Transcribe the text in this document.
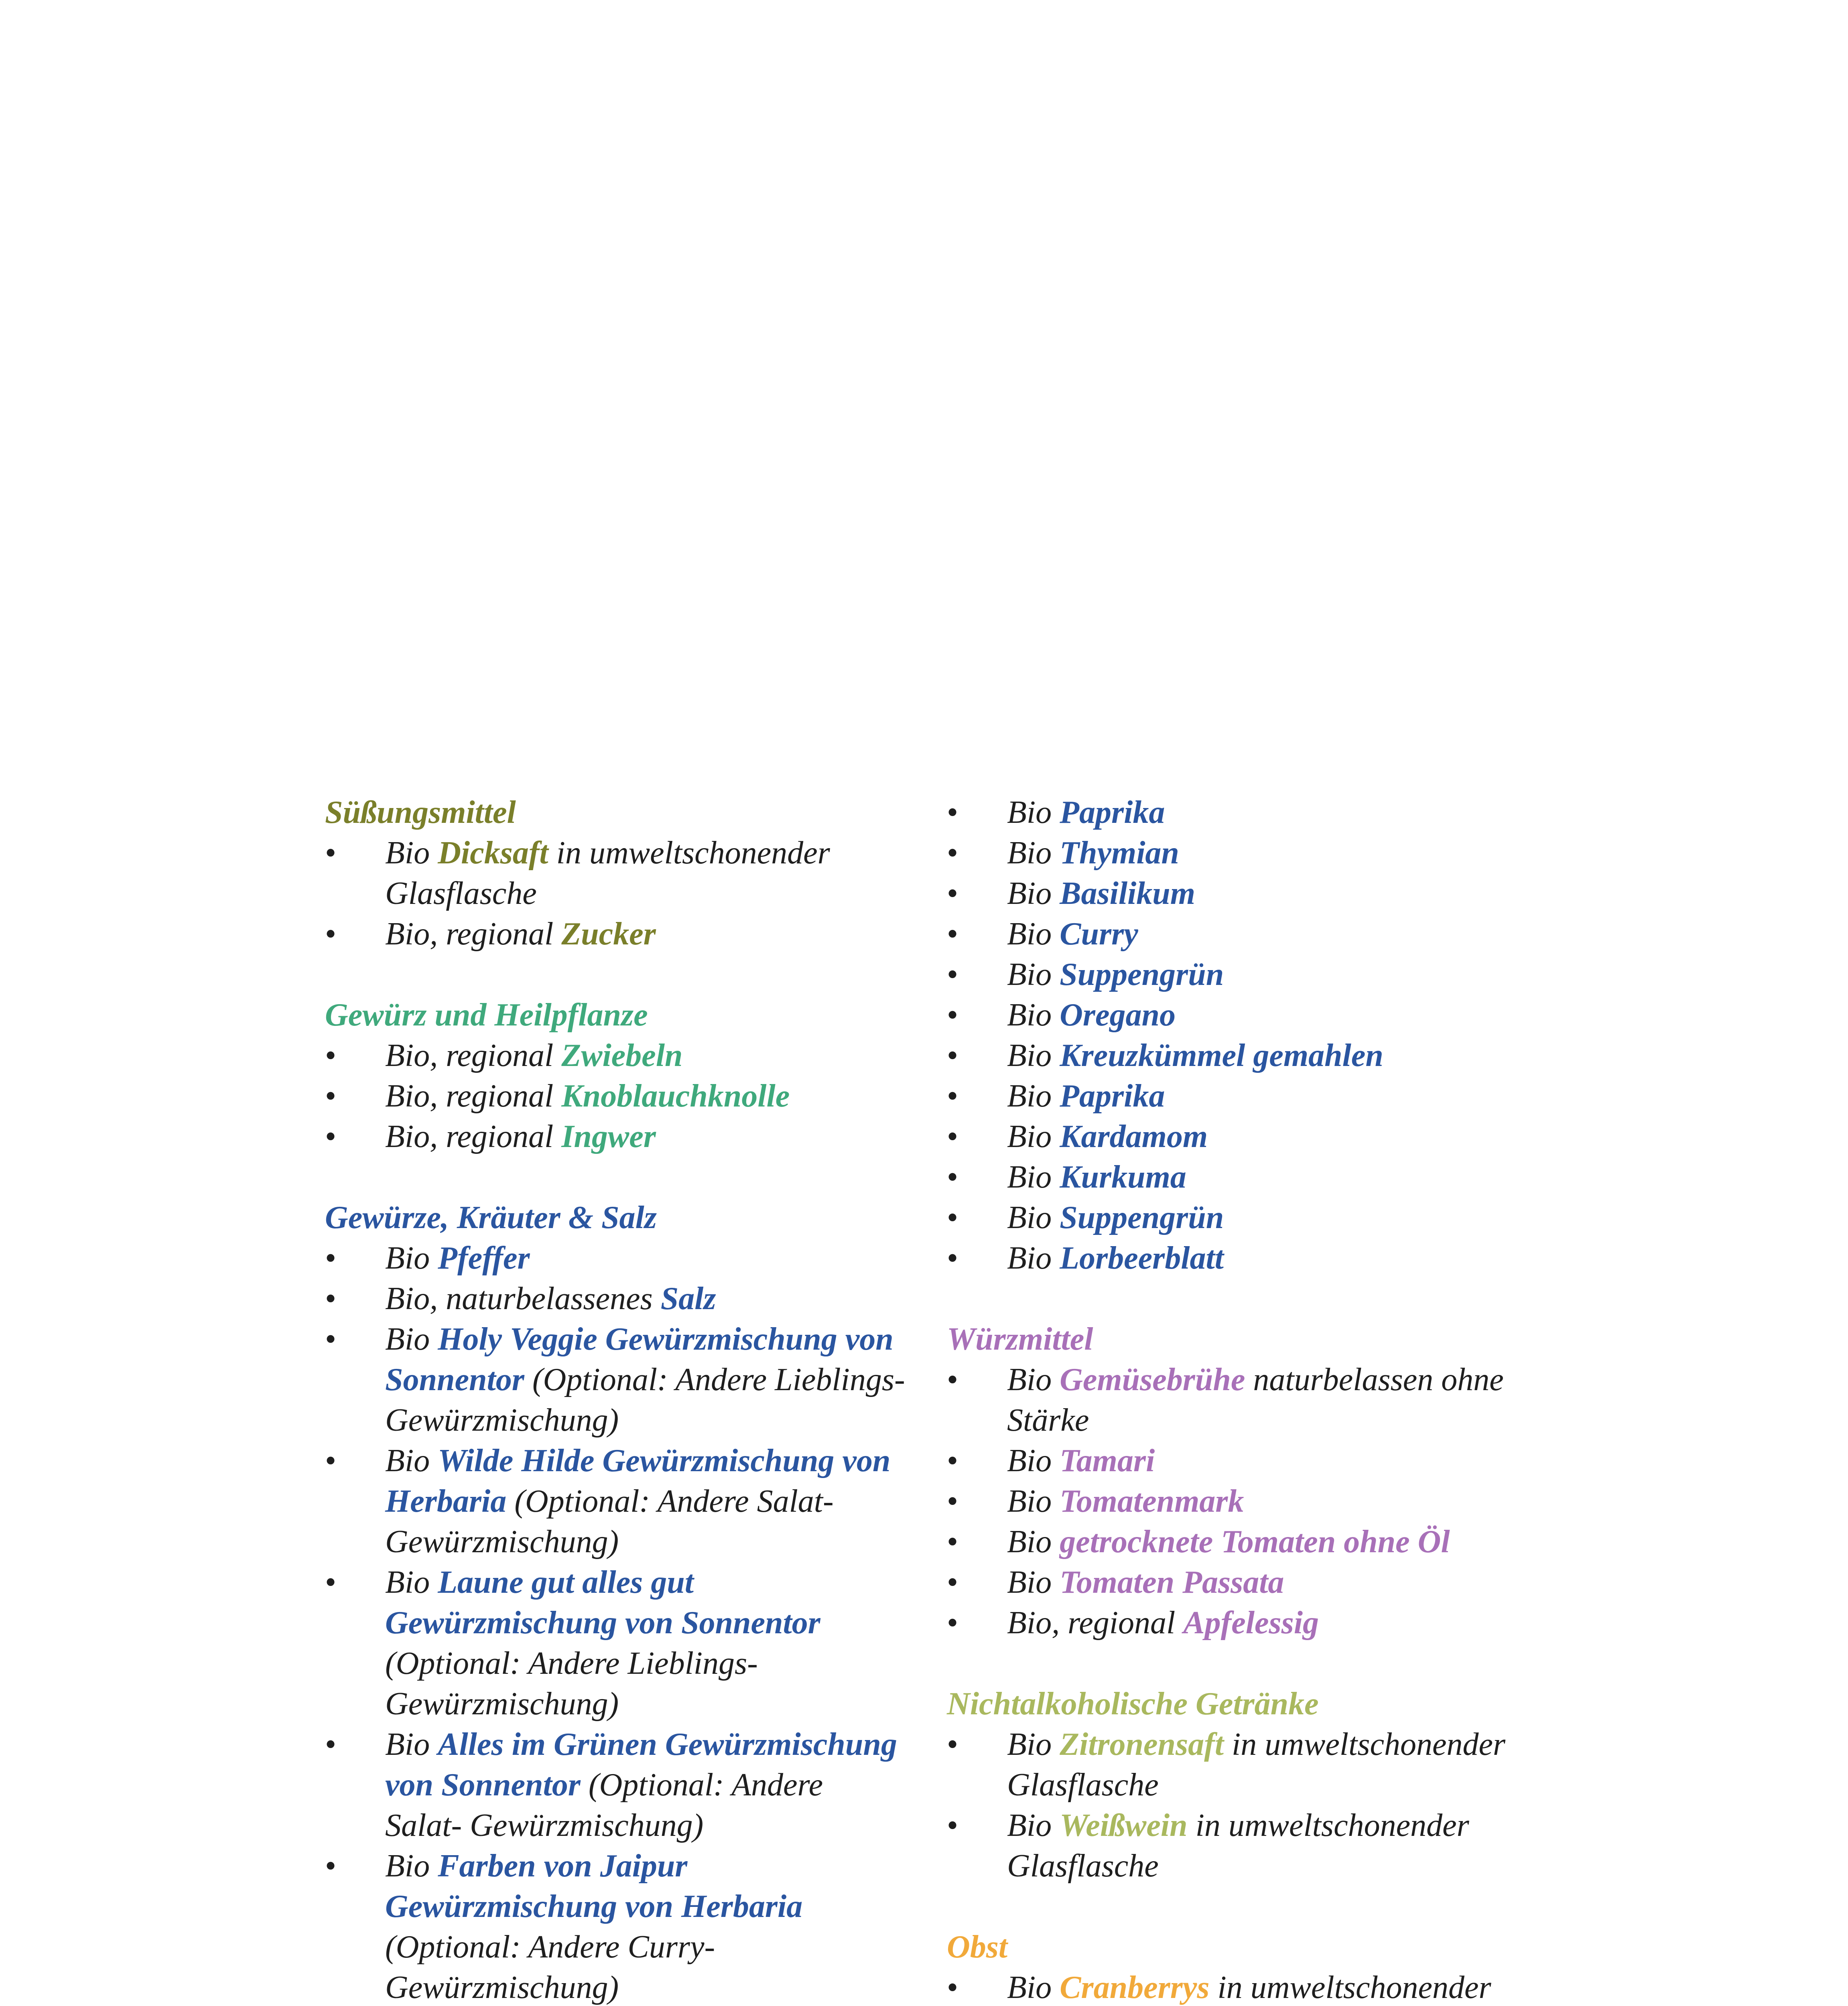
Süßungsmittel
• Bio Dicksaft in umweltschonender Glasflasche
• Bio, regional Zucker
Gewürz und Heilpflanze
• Bio, regional Zwiebeln
• Bio, regional Knoblauchknolle
• Bio, regional Ingwer
Gewürze, Kräuter & Salz
• Bio Pfeffer
• Bio, naturbelassenes Salz
• Bio Holy Veggie Gewürzmischung von Sonnentor (Optional: Andere Lieblings- Gewürzmischung)
• Bio Wilde Hilde Gewürzmischung von Herbaria (Optional: Andere Salat- Gewürzmischung)
• Bio Laune gut alles gut Gewürzmischung von Sonnentor (Optional: Andere Lieblings- Gewürzmischung)
• Bio Alles im Grünen Gewürzmischung von Sonnentor (Optional: Andere Salat- Gewürzmischung)
• Bio Farben von Jaipur Gewürzmischung von Herbaria (Optional: Andere Curry- Gewürzmischung)
• Bio Paprika
• Bio Thymian
• Bio Basilikum
• Bio Curry
• Bio Suppengrün
• Bio Oregano
• Bio Kreuzkümmel gemahlen
• Bio Paprika
• Bio Kardamom
• Bio Kurkuma
• Bio Suppengrün
• Bio Lorbeerblatt
Würzmittel
• Bio Gemüsebrühe naturbelassen ohne Stärke
• Bio Tamari
• Bio Tomatenmark
• Bio getrocknete Tomaten ohne Öl
• Bio Tomaten Passata
• Bio, regional Apfelessig
Nichtalkoholische Getränke
• Bio Zitronensaft in umweltschonender Glasflasche
• Bio Weißwein in umweltschonender Glasflasche
Obst
• Bio Cranberrys in umweltschonender
